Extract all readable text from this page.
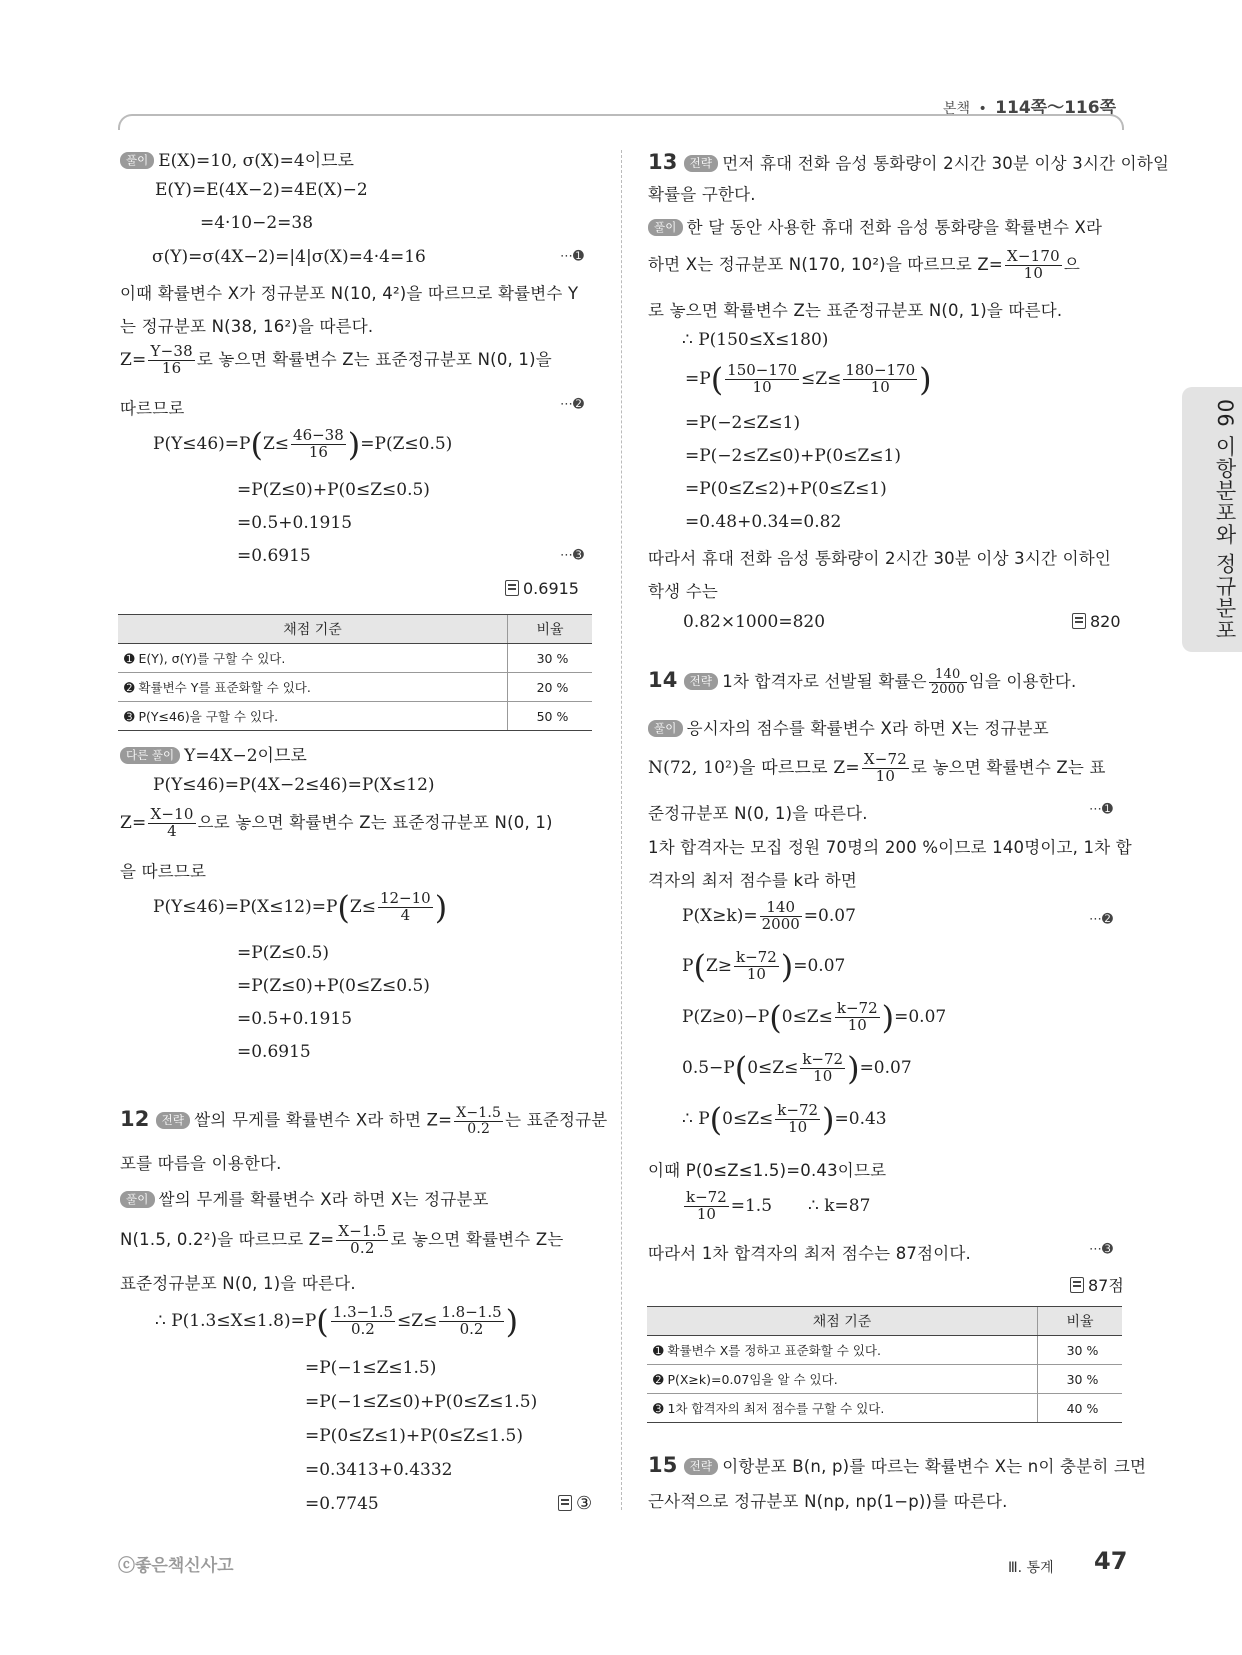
본책 • 114쪽～116쪽
06 이항분포와 정규분포
풀이 E(X)=10, σ(X)=4이므로
E(Y)=E(4X−2)=4E(X)−2
=4·10−2=38
σ(Y)=σ(4X−2)=|4|σ(X)=4·4=16	⋯➊
이때 확률변수 X가 정규분포 N(10, 4²)을 따르므로 확률변수 Y
는 정규분포 N(38, 16²)을 따른다.
$Z= \frac{Y-38}{16}$ 로 놓으면 확률변수 Z는 표준정규분포 N(0, 1)을
따르므로	⋯➋
$P(Y\le 46)=P(Z\le \frac{46-38}{16} )=P(Z\le 0.5)$
=P(Z≤0)+P(0≤Z≤0.5)
=0.5+0.1915
=0.6915	⋯➌
0.6915
채점 기준	비율
➊ E(Y), σ(Y)를 구할 수 있다.	30 %
➋ 확률변수 Y를 표준화할 수 있다.	20 %
➌ P(Y≤46)을 구할 수 있다.	50 %
다른 풀이 Y=4X−2이므로
P(Y≤46)=P(4X−2≤46)=P(X≤12)
$Z= \frac{X-10}{4}$ 으로 놓으면 확률변수 Z는 표준정규분포 N(0, 1)
을 따르므로
$P(Y\le 46)=P(X\le 12)=P(Z\le \frac{12-10}{4}$ )
=P(Z≤0.5)
=P(Z≤0)+P(0≤Z≤0.5)
=0.5+0.1915
=0.6915
12 전략 쌀의 무게를 확률변수 X라 하면 $Z= \frac{X-1.5}{0.2}$ 는 표준정규분
포를 따름을 이용한다.
풀이 쌀의 무게를 확률변수 X라 하면 X는 정규분포
N(1.5, 0.2²)을 따르므로 $Z= \frac{X-1.5}{0.2}$ 로 놓으면 확률변수 Z는
표준정규분포 N(0, 1)을 따른다.
∴ $P(1.3\le X\le 1.8)=P( \frac{1.3-1.5}{0.2} \le Z\le \frac{1.8-1.5}{0.2}$ )
=P(−1≤Z≤1.5)
=P(−1≤Z≤0)+P(0≤Z≤1.5)
=P(0≤Z≤1)+P(0≤Z≤1.5)
=0.3413+0.4332
=0.7745	③
13 전략 먼저 휴대 전화 음성 통화량이 2시간 30분 이상 3시간 이하일
확률을 구한다.
풀이 한 달 동안 사용한 휴대 전화 음성 통화량을 확률변수 X라
하면 X는 정규분포 N(170, 10²)을 따르므로 $Z= \frac{X-170}{10}$ 으
로 놓으면 확률변수 Z는 표준정규분포 N(0, 1)을 따른다.
∴ P(150≤X≤180)
$=P( \frac{150-170}{10} \le Z\le \frac{180-170}{10}$ )
=P(−2≤Z≤1)
=P(−2≤Z≤0)+P(0≤Z≤1)
=P(0≤Z≤2)+P(0≤Z≤1)
=0.48+0.34=0.82
따라서 휴대 전화 음성 통화량이 2시간 30분 이상 3시간 이하인
학생 수는
0.82×1000=820	820
14 전략 1차 합격자로 선발될 확률은 $\frac{140}{2000}$ 임을 이용한다.
풀이 응시자의 점수를 확률변수 X라 하면 X는 정규분포
N(72, 10²)을 따르므로 $Z= \frac{X-72}{10}$ 로 놓으면 확률변수 Z는 표
준정규분포 N(0, 1)을 따른다.	⋯➊
1차 합격자는 모집 정원 70명의 200 %이므로 140명이고, 1차 합
격자의 최저 점수를 k라 하면
$P(X\ge k)= \frac{140}{2000} =0.07$	⋯➋
$P(Z\ge \frac{k-72}{10} )=0.07$
$P(Z\ge 0)-P(0\le Z\le \frac{k-72}{10} )=0.07$
$0.5-P(0\le Z\le \frac{k-72}{10} )=0.07$
∴ $P(0\le Z\le \frac{k-72}{10} )=0.43$
이때 P(0≤Z≤1.5)=0.43이므로
$\frac{k-72}{10} =1.5$ ∴ k=87
따라서 1차 합격자의 최저 점수는 87점이다.	⋯➌
87점
채점 기준	비율
➊ 확률변수 X를 정하고 표준화할 수 있다.	30 %
➋ P(X≥k)=0.07임을 알 수 있다.	30 %
➌ 1차 합격자의 최저 점수를 구할 수 있다.	40 %
15 전략 이항분포 B(n, p)를 따르는 확률변수 X는 n이 충분히 크면
근사적으로 정규분포 N(np, np(1−p))를 따른다.
ⓒ좋은책신사고	Ⅲ. 통계 47
